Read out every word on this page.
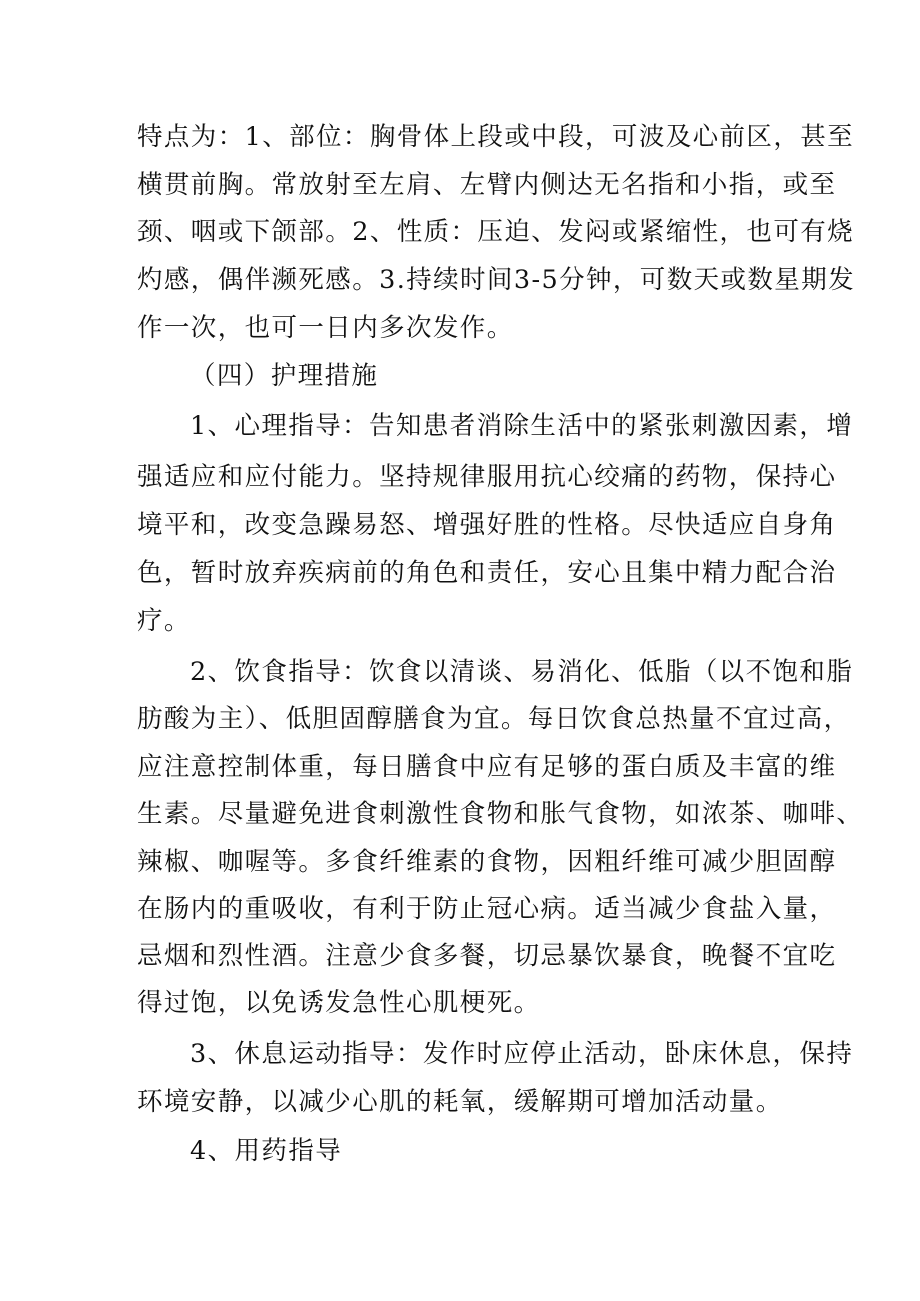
特点为：1、部位：胸骨体上段或中段，可波及心前区，甚至
横贯前胸。常放射至左肩、左臂内侧达无名指和小指，或至
颈、咽或下颌部。2、性质：压迫、发闷或紧缩性，也可有烧
灼感，偶伴濒死感。3.持续时间3-5分钟，可数天或数星期发
作一次，也可一日内多次发作。
（四）护理措施
1、心理指导：告知患者消除生活中的紧张刺激因素，增
强适应和应付能力。坚持规律服用抗心绞痛的药物，保持心
境平和，改变急躁易怒、增强好胜的性格。尽快适应自身角
色，暂时放弃疾病前的角色和责任，安心且集中精力配合治
疗。
2、饮食指导：饮食以清谈、易消化、低脂（以不饱和脂
肪酸为主）、低胆固醇膳食为宜。每日饮食总热量不宜过高，
应注意控制体重，每日膳食中应有足够的蛋白质及丰富的维
生素。尽量避免进食刺激性食物和胀气食物，如浓茶、咖啡、
辣椒、咖喔等。多食纤维素的食物，因粗纤维可减少胆固醇
在肠内的重吸收，有利于防止冠心病。适当减少食盐入量，
忌烟和烈性酒。注意少食多餐，切忌暴饮暴食，晚餐不宜吃
得过饱，以免诱发急性心肌梗死。
3、休息运动指导：发作时应停止活动，卧床休息，保持
环境安静，以减少心肌的耗氧，缓解期可增加活动量。
4、用药指导
